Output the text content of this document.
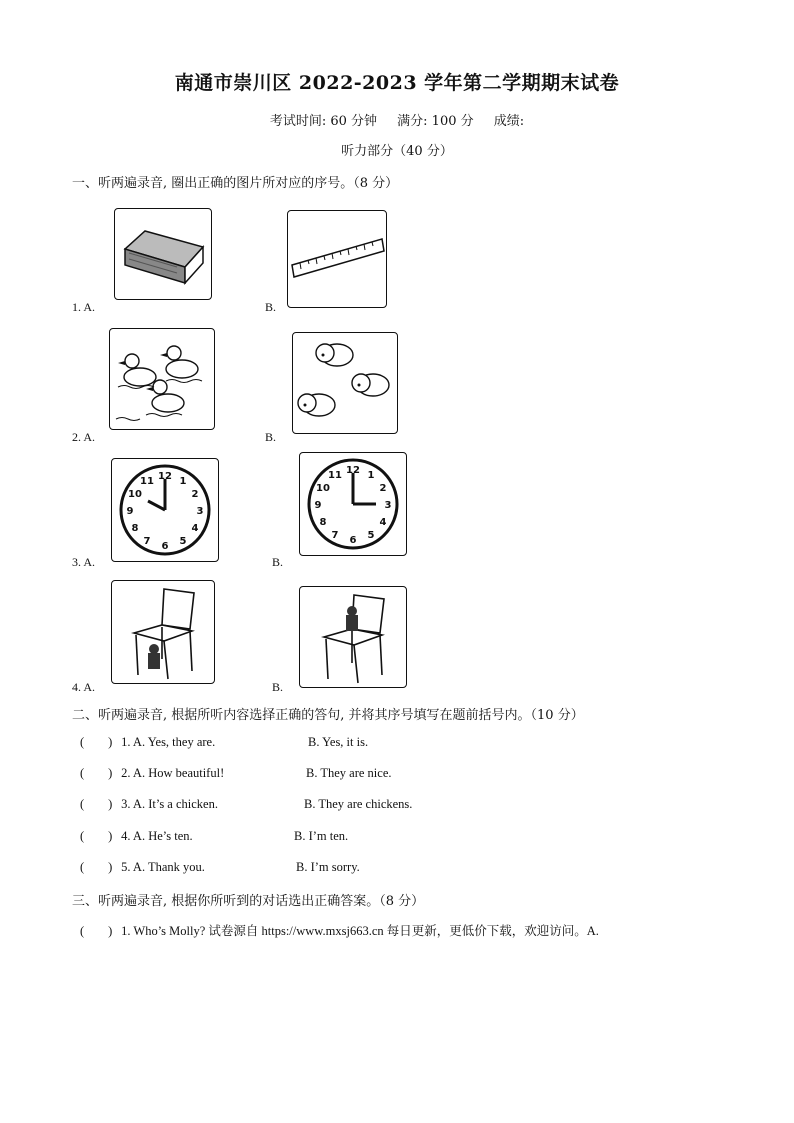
南通市崇川区 2022-2023 学年第二学期期末试卷
考试时间: 60 分钟 满分: 100 分 成绩:
听力部分（40 分）
一、听两遍录音, 圈出正确的图片所对应的序号。（8 分）
1. A.	B.
2. A.	B.
3. A.
12 1
2
3
4
5
6
7
8
9
10
11
B.
12 1
2
3
4
5
6
7
8
9
10
11
4. A.	B.
二、听两遍录音, 根据所听内容选择正确的答句, 并将其序号填写在题前括号内。（10 分）
( ) 1. A. Yes, they are.	B. Yes, it is.
( ) 2. A. How beautiful!	B. They are nice.
( ) 3. A. It’s a chicken.	B. They are chickens.
( ) 4. A. He’s ten.	B. I’m ten.
( ) 5. A. Thank you.	B. I’m sorry.
三、听两遍录音, 根据你所听到的对话选出正确答案。（8 分）
( ) 1. Who’s Molly? 试卷源自 https://www.mxsj663.cn 每日更新，更低价下载，欢迎访问。A.
